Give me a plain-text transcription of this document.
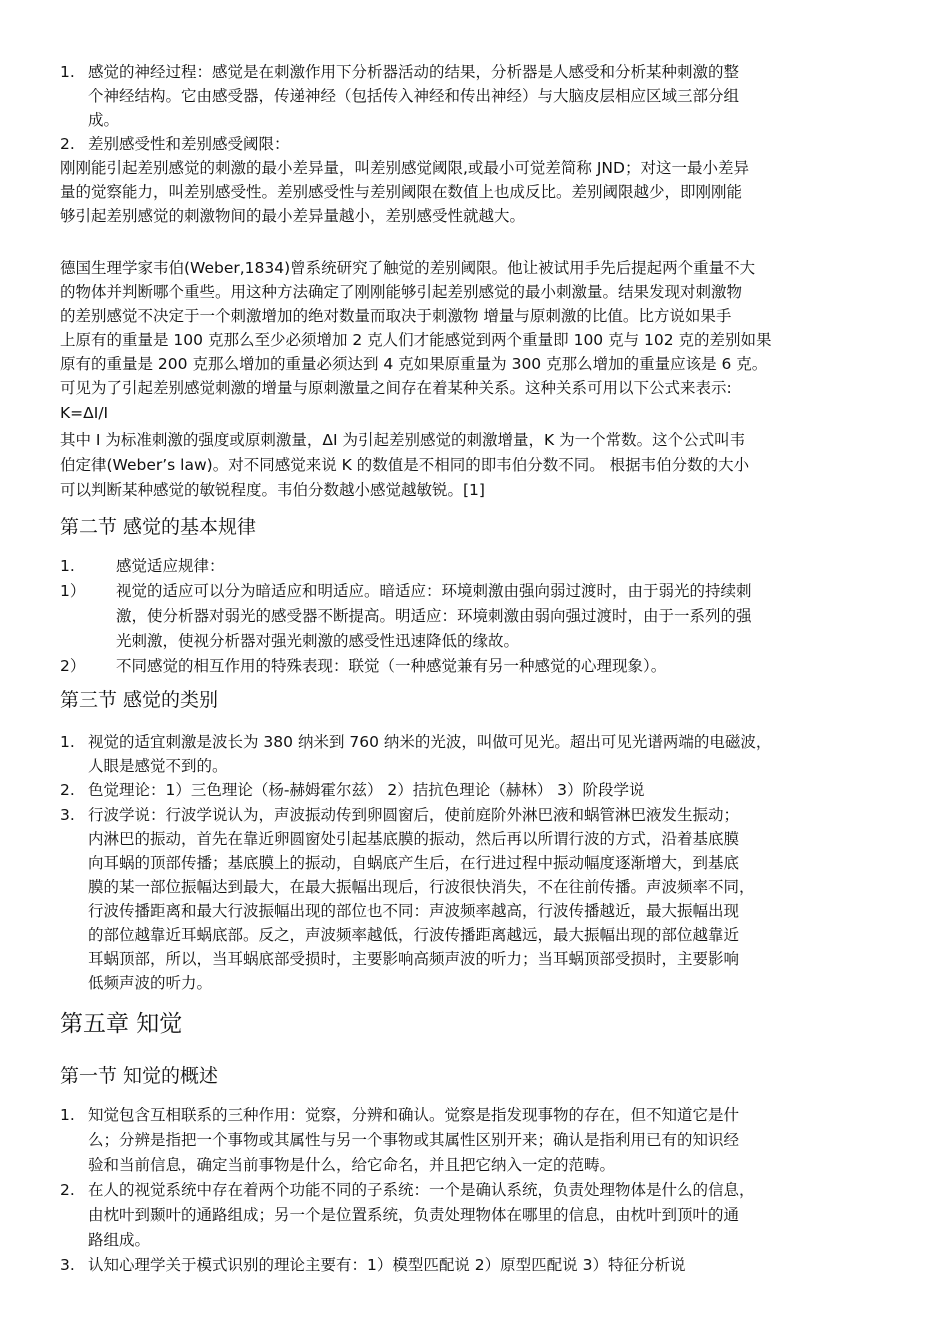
1. 感觉的神经过程：感觉是在刺激作用下分析器活动的结果，分析器是人感受和分析某种刺激的整
个神经结构。它由感受器，传递神经（包括传入神经和传出神经）与大脑皮层相应区域三部分组
成。
2. 差别感受性和差别感受阈限：
刚刚能引起差别感觉的刺激的最小差异量，叫差别感觉阈限,或最小可觉差简称 JND；对这一最小差异
量的觉察能力，叫差别感受性。差别感受性与差别阈限在数值上也成反比。差别阈限越少，即刚刚能
够引起差别感觉的刺激物间的最小差异量越小，差别感受性就越大。
德国生理学家韦伯(Weber,1834)曾系统研究了触觉的差别阈限。他让被试用手先后提起两个重量不大
的物体并判断哪个重些。用这种方法确定了刚刚能够引起差别感觉的最小刺激量。结果发现对刺激物
的差别感觉不决定于一个刺激增加的绝对数量而取决于刺激物 增量与原刺激的比值。比方说如果手
上原有的重量是 100 克那么至少必须增加 2 克人们才能感觉到两个重量即 100 克与 102 克的差别如果
原有的重量是 200 克那么增加的重量必须达到 4 克如果原重量为 300 克那么增加的重量应该是 6 克。
可见为了引起差别感觉刺激的增量与原刺激量之间存在着某种关系。这种关系可用以下公式来表示:
K=ΔI/I
其中 I 为标准刺激的强度或原刺激量，ΔI 为引起差别感觉的刺激增量，K 为一个常数。这个公式叫韦
伯定律(Weber’s law)。对不同感觉来说 K 的数值是不相同的即韦伯分数不同。 根据韦伯分数的大小
可以判断某种感觉的敏锐程度。韦伯分数越小感觉越敏锐。[1]
第二节 感觉的基本规律
1.	感觉适应规律：
1） 视觉的适应可以分为暗适应和明适应。暗适应：环境刺激由强向弱过渡时，由于弱光的持续刺
激，使分析器对弱光的感受器不断提高。明适应：环境刺激由弱向强过渡时，由于一系列的强
光刺激，使视分析器对强光刺激的感受性迅速降低的缘故。
2） 不同感觉的相互作用的特殊表现：联觉（一种感觉兼有另一种感觉的心理现象）。
第三节 感觉的类别
1. 视觉的适宜刺激是波长为 380 纳米到 760 纳米的光波，叫做可见光。超出可见光谱两端的电磁波，
人眼是感觉不到的。
2. 色觉理论：1）三色理论（杨-赫姆霍尔兹） 2）拮抗色理论（赫林） 3）阶段学说
3. 行波学说：行波学说认为，声波振动传到卵圆窗后，使前庭阶外淋巴液和蜗管淋巴液发生振动；
内淋巴的振动，首先在靠近卵圆窗处引起基底膜的振动，然后再以所谓行波的方式，沿着基底膜
向耳蜗的顶部传播；基底膜上的振动，自蜗底产生后，在行进过程中振动幅度逐渐增大，到基底
膜的某一部位振幅达到最大，在最大振幅出现后，行波很快消失，不在往前传播。声波频率不同，
行波传播距离和最大行波振幅出现的部位也不同：声波频率越高，行波传播越近，最大振幅出现
的部位越靠近耳蜗底部。反之，声波频率越低，行波传播距离越远，最大振幅出现的部位越靠近
耳蜗顶部，所以，当耳蜗底部受损时，主要影响高频声波的听力；当耳蜗顶部受损时，主要影响
低频声波的听力。
第五章 知觉
第一节 知觉的概述
1. 知觉包含互相联系的三种作用：觉察，分辨和确认。觉察是指发现事物的存在，但不知道它是什
么；分辨是指把一个事物或其属性与另一个事物或其属性区别开来；确认是指利用已有的知识经
验和当前信息，确定当前事物是什么，给它命名，并且把它纳入一定的范畴。
2. 在人的视觉系统中存在着两个功能不同的子系统：一个是确认系统，负责处理物体是什么的信息，
由枕叶到颞叶的通路组成；另一个是位置系统，负责处理物体在哪里的信息，由枕叶到顶叶的通
路组成。
3. 认知心理学关于模式识别的理论主要有：1）模型匹配说 2）原型匹配说 3）特征分析说
